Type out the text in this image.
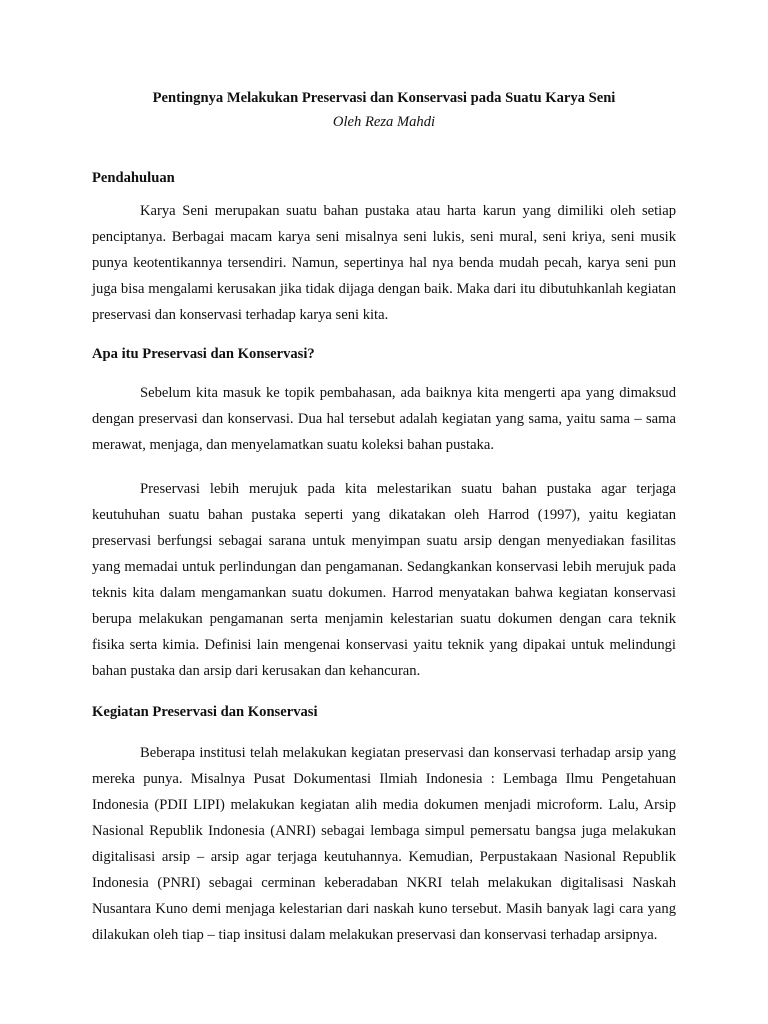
Pentingnya Melakukan Preservasi dan Konservasi pada Suatu Karya Seni

Oleh Reza Mahdi

Pendahuluan

Karya Seni merupakan suatu bahan pustaka atau harta karun yang dimiliki oleh setiap penciptanya. Berbagai macam karya seni misalnya seni lukis, seni mural, seni kriya, seni musik punya keotentikannya tersendiri. Namun, sepertinya hal nya benda mudah pecah, karya seni pun juga bisa mengalami kerusakan jika tidak dijaga dengan baik. Maka dari itu dibutuhkanlah kegiatan preservasi dan konservasi terhadap karya seni kita.

Apa itu Preservasi dan Konservasi?

Sebelum kita masuk ke topik pembahasan, ada baiknya kita mengerti apa yang dimaksud dengan preservasi dan konservasi. Dua hal tersebut adalah kegiatan yang sama, yaitu sama – sama merawat, menjaga, dan menyelamatkan suatu koleksi bahan pustaka.

Preservasi lebih merujuk pada kita melestarikan suatu bahan pustaka agar terjaga keutuhuhan suatu bahan pustaka seperti yang dikatakan oleh Harrod (1997), yaitu kegiatan preservasi berfungsi sebagai sarana untuk menyimpan suatu arsip dengan menyediakan fasilitas yang memadai untuk perlindungan dan pengamanan. Sedangkankan konservasi lebih merujuk pada teknis kita dalam mengamankan suatu dokumen. Harrod menyatakan bahwa kegiatan konservasi berupa melakukan pengamanan serta menjamin kelestarian suatu dokumen dengan cara teknik fisika serta kimia. Definisi lain mengenai konservasi yaitu teknik yang dipakai untuk melindungi bahan pustaka dan arsip dari kerusakan dan kehancuran.

Kegiatan Preservasi dan Konservasi

Beberapa institusi telah melakukan kegiatan preservasi dan konservasi terhadap arsip yang mereka punya. Misalnya Pusat Dokumentasi Ilmiah Indonesia : Lembaga Ilmu Pengetahuan Indonesia (PDII LIPI) melakukan kegiatan alih media dokumen menjadi microform. Lalu, Arsip Nasional Republik Indonesia (ANRI) sebagai lembaga simpul pemersatu bangsa juga melakukan digitalisasi arsip – arsip agar terjaga keutuhannya. Kemudian, Perpustakaan Nasional Republik Indonesia (PNRI) sebagai cerminan keberadaban NKRI telah melakukan digitalisasi Naskah Nusantara Kuno demi menjaga kelestarian dari naskah kuno tersebut. Masih banyak lagi cara yang dilakukan oleh tiap – tiap insitusi dalam melakukan preservasi dan konservasi terhadap arsipnya.
